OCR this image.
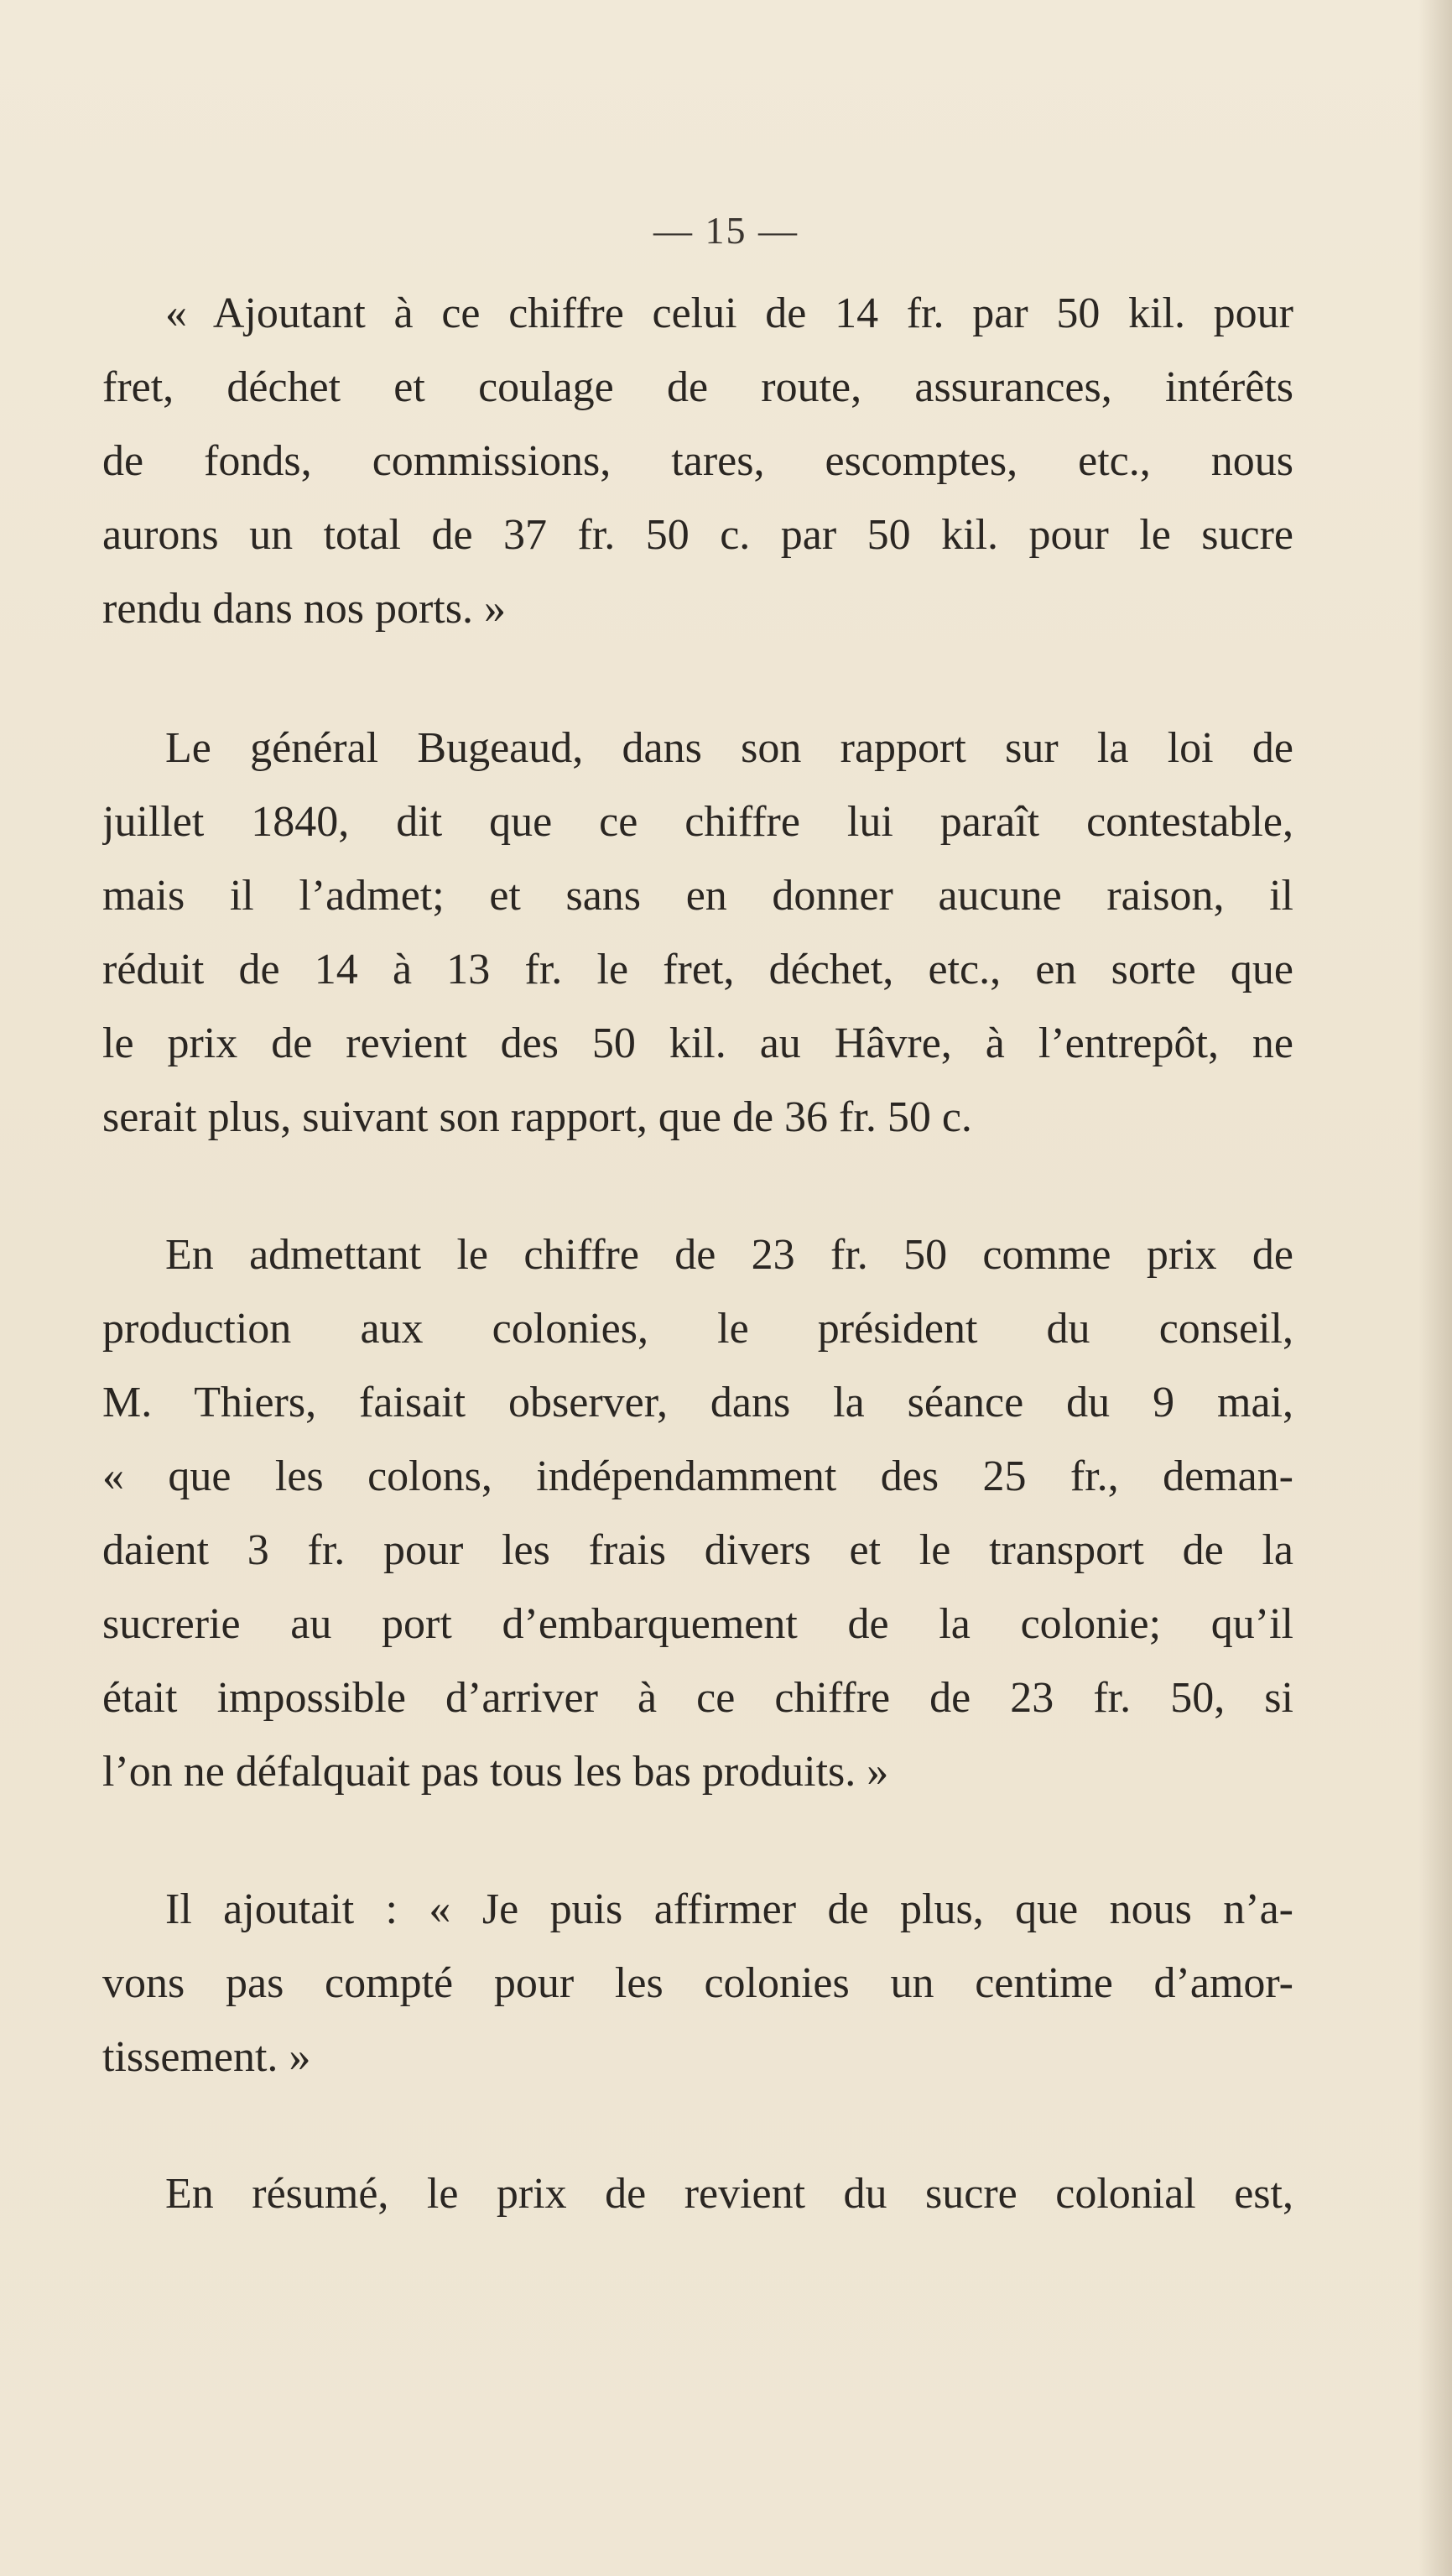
— 15 —
« Ajoutant à ce chiffre celui de 14 fr. par 50 kil. pour
fret, déchet et coulage de route, assurances, intérêts
de fonds, commissions, tares, escomptes, etc., nous
aurons un total de 37 fr. 50 c. par 50 kil. pour le sucre
rendu dans nos ports. »
Le général Bugeaud, dans son rapport sur la loi de
juillet 1840, dit que ce chiffre lui paraît contestable,
mais il l’admet; et sans en donner aucune raison, il
réduit de 14 à 13 fr. le fret, déchet, etc., en sorte que
le prix de revient des 50 kil. au Hâvre, à l’entrepôt, ne
serait plus, suivant son rapport, que de 36 fr. 50 c.
En admettant le chiffre de 23 fr. 50 comme prix de
production aux colonies, le président du conseil,
M. Thiers, faisait observer, dans la séance du 9 mai,
« que les colons, indépendamment des 25 fr., deman-
daient 3 fr. pour les frais divers et le transport de la
sucrerie au port d’embarquement de la colonie; qu’il
était impossible d’arriver à ce chiffre de 23 fr. 50, si
l’on ne défalquait pas tous les bas produits. »
Il ajoutait : « Je puis affirmer de plus, que nous n’a-
vons pas compté pour les colonies un centime d’amor-
tissement. »
En résumé, le prix de revient du sucre colonial est,
